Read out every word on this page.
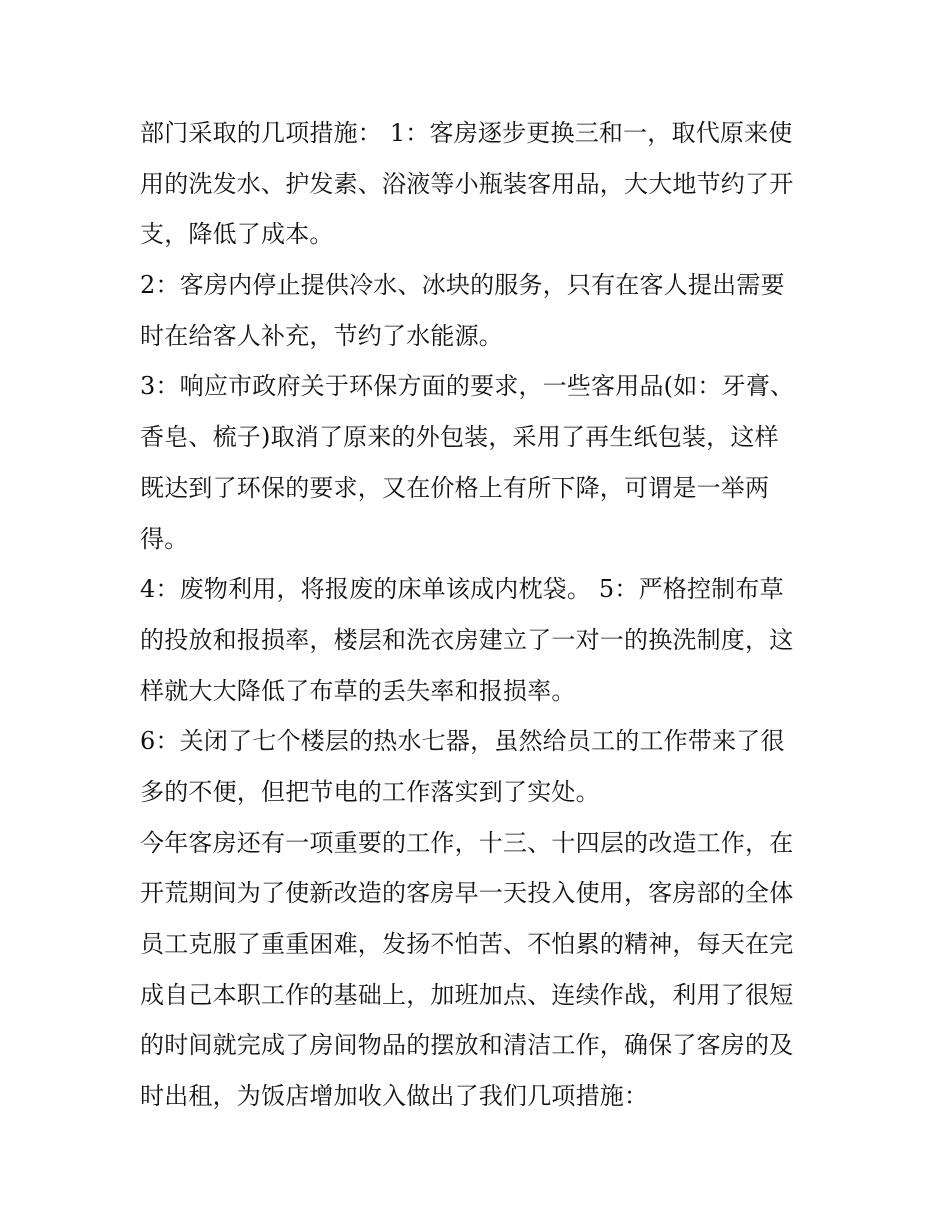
部门采取的几项措施： 1：客房逐步更换三和一，取代原来使
用的洗发水、护发素、浴液等小瓶装客用品，大大地节约了开
支，降低了成本。

2：客房内停止提供冷水、冰块的服务，只有在客人提出需要
时在给客人补充，节约了水能源。

3：响应市政府关于环保方面的要求，一些客用品(如：牙膏、
香皂、梳子)取消了原来的外包装，采用了再生纸包装，这样
既达到了环保的要求，又在价格上有所下降，可谓是一举两
得。

4：废物利用，将报废的床单该成内枕袋。 5：严格控制布草
的投放和报损率，楼层和洗衣房建立了一对一的换洗制度，这
样就大大降低了布草的丢失率和报损率。

6：关闭了七个楼层的热水七器，虽然给员工的工作带来了很
多的不便，但把节电的工作落实到了实处。

今年客房还有一项重要的工作，十三、十四层的改造工作，在
开荒期间为了使新改造的客房早一天投入使用，客房部的全体
员工克服了重重困难，发扬不怕苦、不怕累的精神，每天在完
成自己本职工作的基础上，加班加点、连续作战，利用了很短
的时间就完成了房间物品的摆放和清洁工作，确保了客房的及
时出租，为饭店增加收入做出了我们几项措施：
